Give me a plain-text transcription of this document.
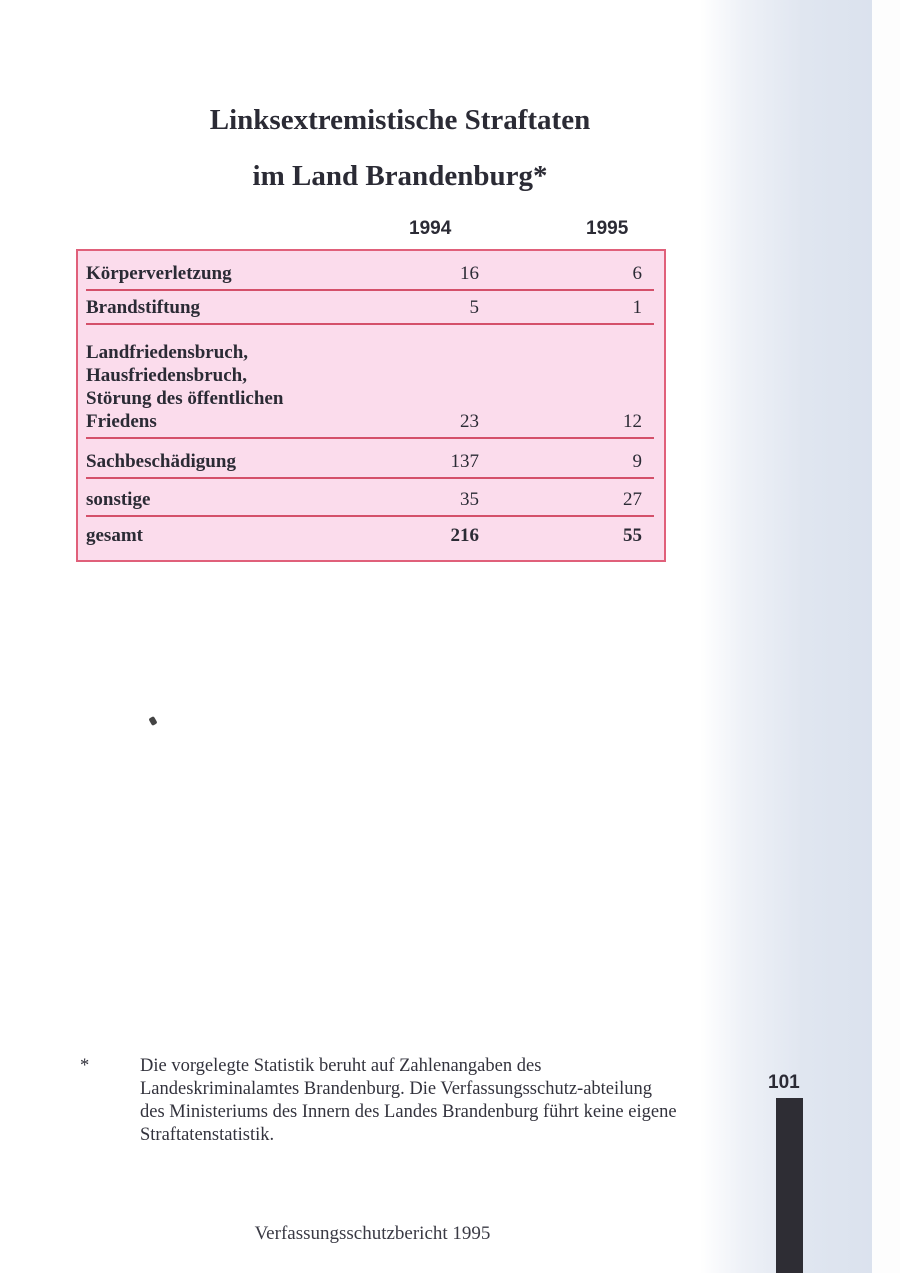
Linksextremistische Straftaten
im Land Brandenburg*
1994	1995
Körperverletzung	16	6
Brandstiftung	5	1
Landfriedensbruch,
Hausfriedensbruch,
Störung des öffentlichen
Friedens	23	12
Sachbeschädigung	137	9
sonstige	35	27
gesamt	216	55
*	Die vorgelegte Statistik beruht auf Zahlenangaben des Landeskriminalamtes Brandenburg. Die Verfassungsschutz-abteilung des Ministeriums des Innern des Landes Brandenburg führt keine eigene Straftatenstatistik.
101
Verfassungsschutzbericht 1995
